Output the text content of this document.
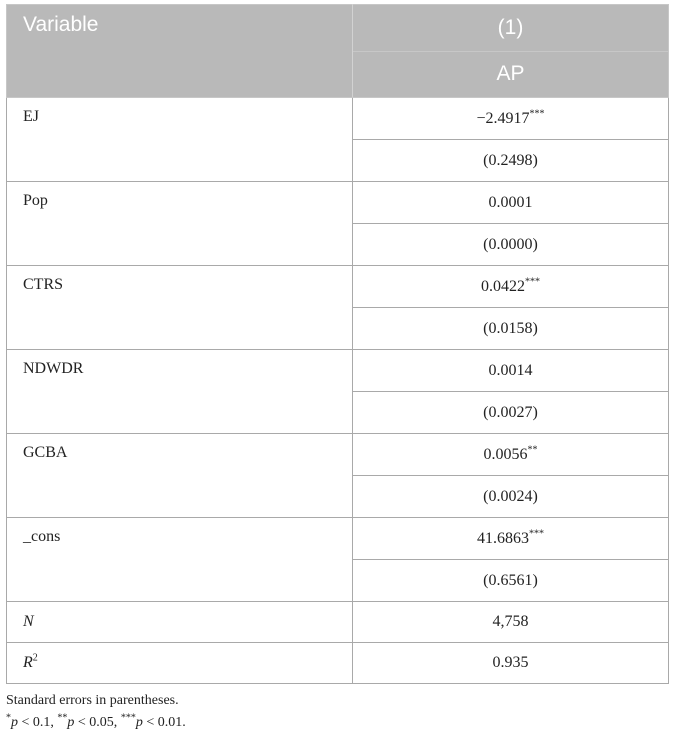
Variable	(1)
	AP
EJ	−2.4917***
	(0.2498)
Pop	0.0001
	(0.0000)
CTRS	0.0422***
	(0.0158)
NDWDR	0.0014
	(0.0027)
GCBA	0.0056**
	(0.0024)
_cons	41.6863***
	(0.6561)
N	4,758
$R^2$	0.935
Standard errors in parentheses.
*p < 0.1, **p < 0.05, ***p < 0.01.
